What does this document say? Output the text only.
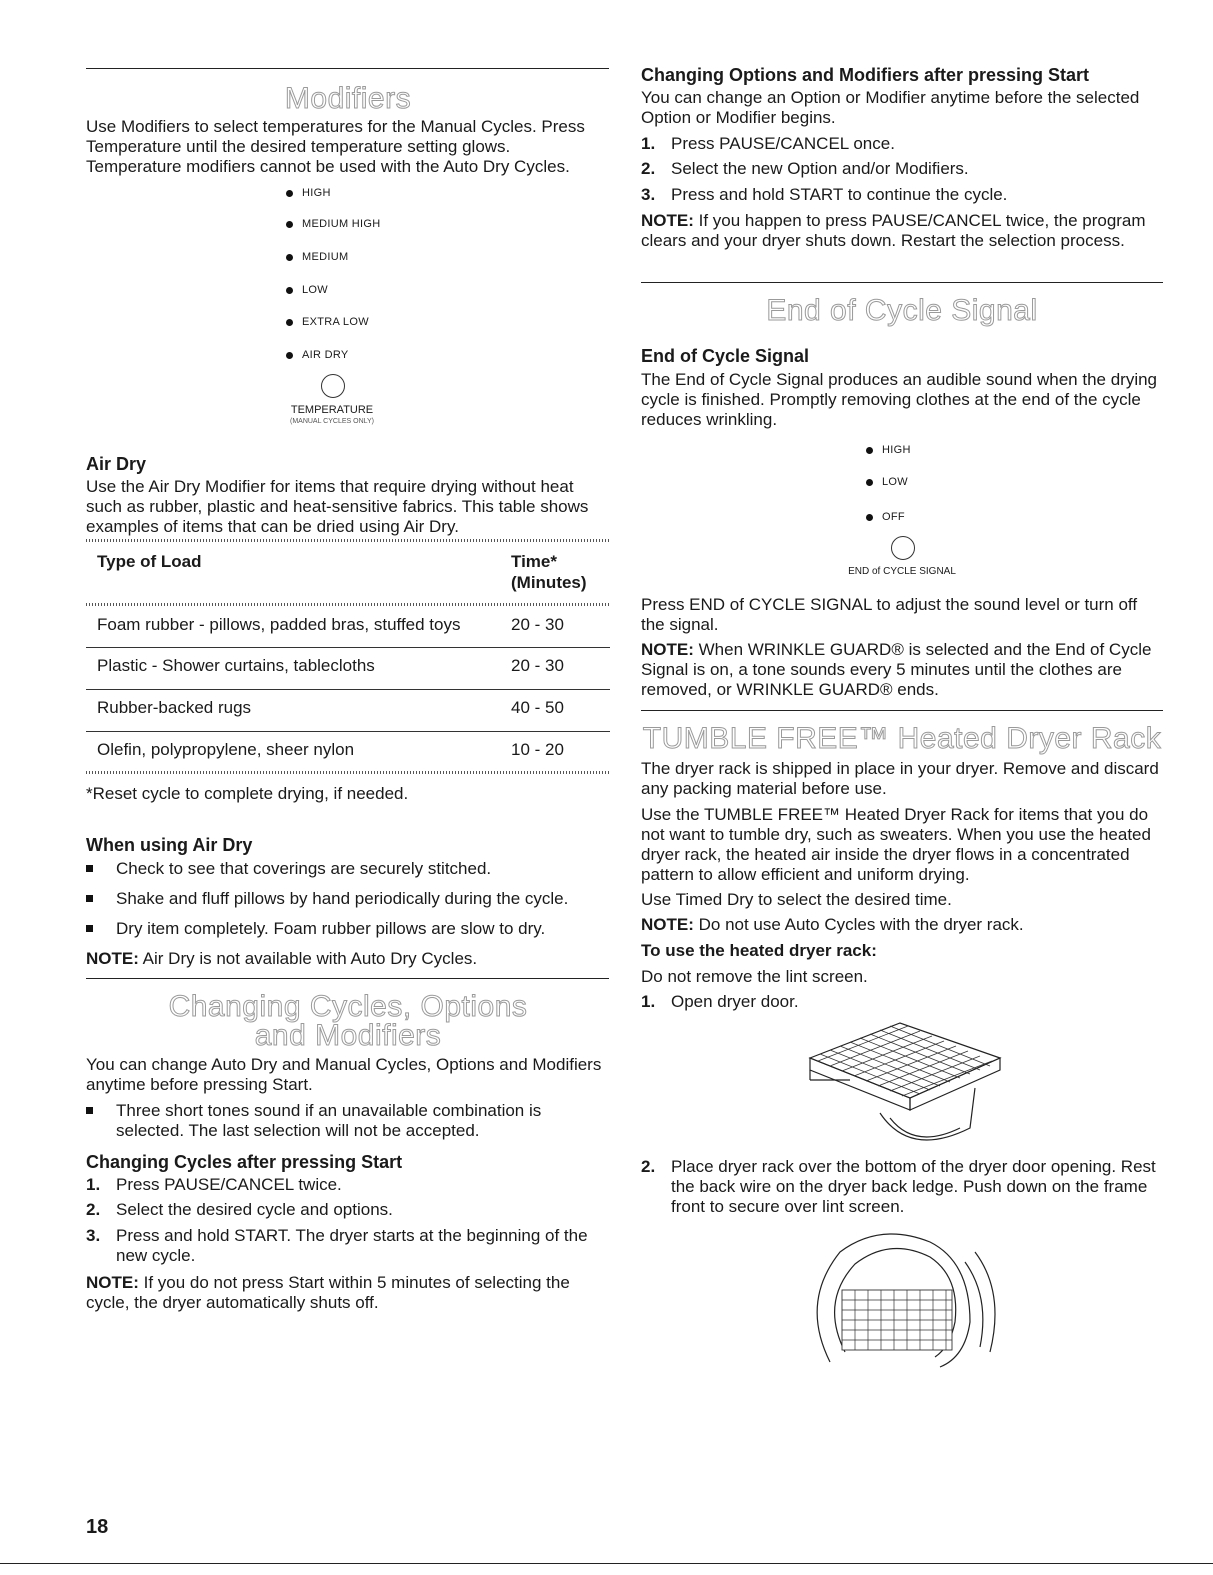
Modifiers

Use Modifiers to select temperatures for the Manual Cycles. Press Temperature until the desired temperature setting glows. Temperature modifiers cannot be used with the Auto Dry Cycles.

HIGH
MEDIUM HIGH
MEDIUM
LOW
EXTRA LOW
AIR DRY
TEMPERATURE
(MANUAL CYCLES ONLY)
Air Dry

Use the Air Dry Modifier for items that require drying without heat such as rubber, plastic and heat-sensitive fabrics. This table shows examples of items that can be dried using Air Dry.

Type of Load	Time*
(Minutes)
Foam rubber - pillows, padded bras, stuffed toys	20 - 30
Plastic - Shower curtains, tablecloths	20 - 30
Rubber-backed rugs	40 - 50
Olefin, polypropylene, sheer nylon	10 - 20

*Reset cycle to complete drying, if needed.

When using Air Dry
Check to see that coverings are securely stitched.
Shake and fluff pillows by hand periodically during the cycle.
Dry item completely. Foam rubber pillows are slow to dry.

NOTE: Air Dry is not available with Auto Dry Cycles.

Changing Cycles, Options
and Modifiers

You can change Auto Dry and Manual Cycles, Options and Modifiers anytime before pressing Start.

Three short tones sound if an unavailable combination is selected. The last selection will not be accepted.
Changing Cycles after pressing Start
1. Press PAUSE/CANCEL twice.
2. Select the desired cycle and options.
3. Press and hold START. The dryer starts at the beginning of the new cycle.

NOTE: If you do not press Start within 5 minutes of selecting the cycle, the dryer automatically shuts off.

18
Changing Options and Modifiers after pressing Start

You can change an Option or Modifier anytime before the selected Option or Modifier begins.

1. Press PAUSE/CANCEL once.
2. Select the new Option and/or Modifiers.
3. Press and hold START to continue the cycle.

NOTE: If you happen to press PAUSE/CANCEL twice, the program clears and your dryer shuts down. Restart the selection process.

End of Cycle Signal
End of Cycle Signal

The End of Cycle Signal produces an audible sound when the drying cycle is finished. Promptly removing clothes at the end of the cycle reduces wrinkling.

HIGH
LOW
OFF
END of CYCLE SIGNAL

Press END of CYCLE SIGNAL to adjust the sound level or turn off the signal.

NOTE: When WRINKLE GUARD® is selected and the End of Cycle Signal is on, a tone sounds every 5 minutes until the clothes are removed, or WRINKLE GUARD® ends.

TUMBLE FREE™ Heated Dryer Rack

The dryer rack is shipped in place in your dryer. Remove and discard any packing material before use.

Use the TUMBLE FREE™ Heated Dryer Rack for items that you do not want to tumble dry, such as sweaters. When you use the heated dryer rack, the heated air inside the dryer flows in a concentrated pattern to allow efficient and uniform drying.

Use Timed Dry to select the desired time.

NOTE: Do not use Auto Cycles with the dryer rack.

To use the heated dryer rack:

Do not remove the lint screen.

1. Open dryer door.
2. Place dryer rack over the bottom of the dryer door opening. Rest the back wire on the dryer back ledge. Push down on the frame front to secure over lint screen.
